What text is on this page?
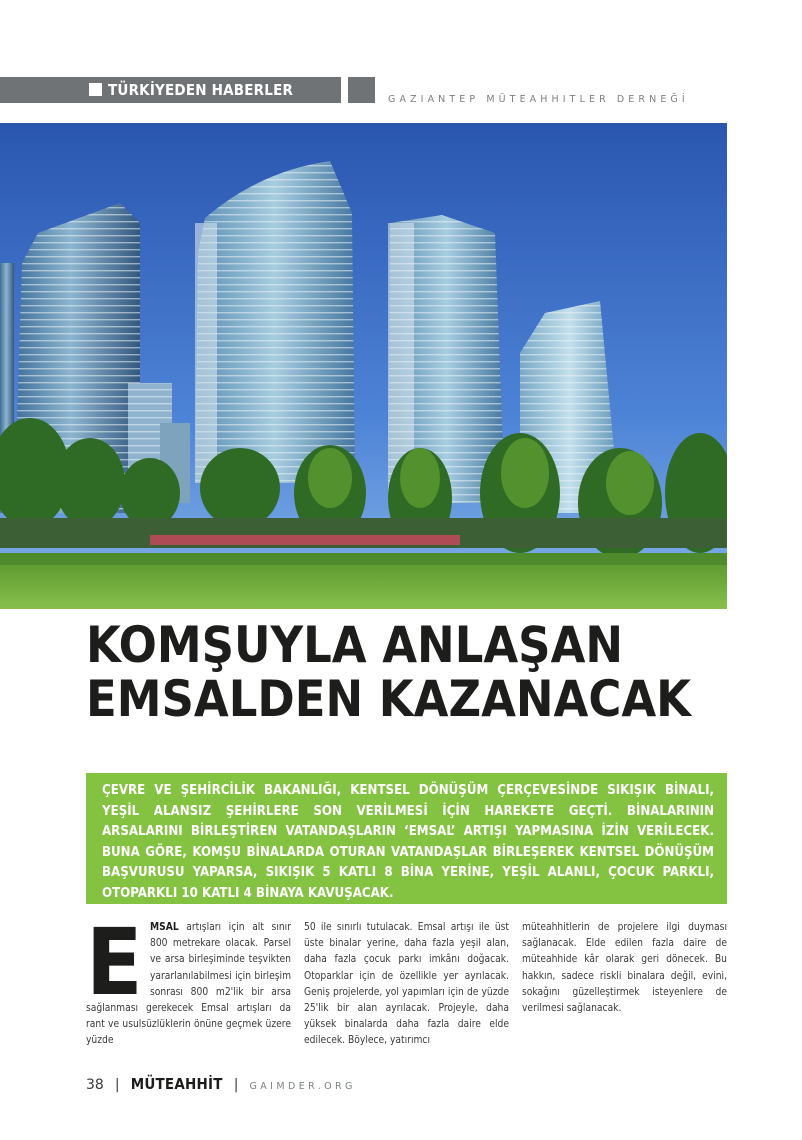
TÜRKİYEDEN HABERLER
GAZIANTEP MÜTEAHHITLER DERNEĞİ
KOMŞUYLA ANLAŞAN
EMSALDEN KAZANACAK
ÇEVRE VE ŞEHİRCİLİK BAKANLIĞI, KENTSEL DÖNÜŞÜM ÇERÇEVESİNDE SIKIŞIK BİNALI, YEŞİL ALANSIZ ŞEHİRLERE SON VERİLMESİ İÇİN HAREKETE GEÇTİ. BİNALARININ ARSALARINI BİRLEŞTİREN VATANDAŞLARIN ‘EMSAL’ ARTIŞI YAPMASINA İZİN VERİLECEK. BUNA GÖRE, KOMŞU BİNALARDA OTURAN VATANDAŞLAR BİRLEŞEREK KENTSEL DÖNÜŞÜM BAŞVURUSU YAPARSA, SIKIŞIK 5 KATLI 8 BİNA YERİNE, YEŞİL ALANLI, ÇOCUK PARKLI, OTOPARKLI 10 KATLI 4 BİNAYA KAVUŞACAK.
EMSAL artışları için alt sınır 800 metrekare olacak. Parsel ve arsa birleşiminde teşvikten yararlanılabilmesi için birleşim sonrası 800 m2'lik bir arsa sağlanması gerekecek Emsal artışları da rant ve usulsüzlüklerin önüne geçmek üzere yüzde
50 ile sınırlı tutulacak. Emsal artışı ile üst üste binalar yerine, daha fazla yeşil alan, daha fazla çocuk parkı imkânı doğacak. Otoparklar için de özellikle yer ayrılacak. Geniş projelerde, yol yapımları için de yüzde 25'lik bir alan ayrılacak. Projeyle, daha yüksek binalarda daha fazla daire elde edilecek. Böylece, yatırımcı
müteahhitlerin de projelere ilgi duyması sağlanacak. Elde edilen fazla daire de müteahhide kâr olarak geri dönecek. Bu hakkın, sadece riskli binalara değil, evini, sokağını güzelleştirmek isteyenlere de verilmesi sağlanacak.
38 | MÜTEAHHİT | GAIMDER.ORG
